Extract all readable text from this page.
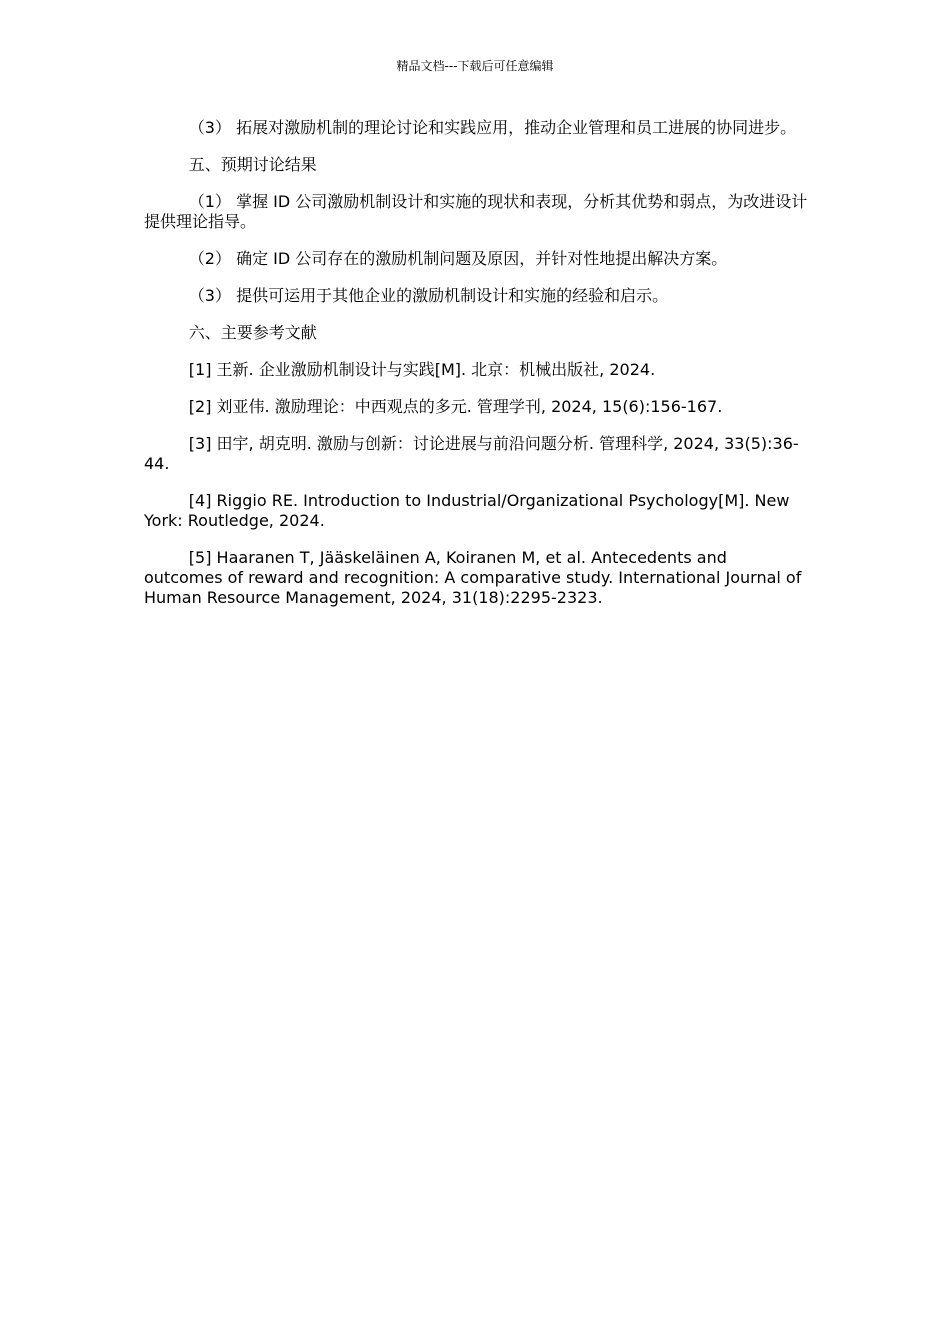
精品文档---下载后可任意编辑

（3） 拓展对激励机制的理论讨论和实践应用，推动企业管理和员工进展的协同进步。

五、预期讨论结果

（1） 掌握 ID 公司激励机制设计和实施的现状和表现，分析其优势和弱点，为改进设计提供理论指导。

（2） 确定 ID 公司存在的激励机制问题及原因，并针对性地提出解决方案。

（3） 提供可运用于其他企业的激励机制设计和实施的经验和启示。

六、主要参考文献

[1] 王新. 企业激励机制设计与实践[M]. 北京：机械出版社, 2024.

[2] 刘亚伟. 激励理论：中西观点的多元. 管理学刊, 2024, 15(6):156-167.

[3] 田宇, 胡克明. 激励与创新：讨论进展与前沿问题分析. 管理科学, 2024, 33(5):36-44.

[4] Riggio RE. Introduction to Industrial/Organizational Psychology[M]. New York: Routledge, 2024.

[5] Haaranen T, Jääskeläinen A, Koiranen M, et al. Antecedents and outcomes of reward and recognition: A comparative study. International Journal of Human Resource Management, 2024, 31(18):2295-2323.
